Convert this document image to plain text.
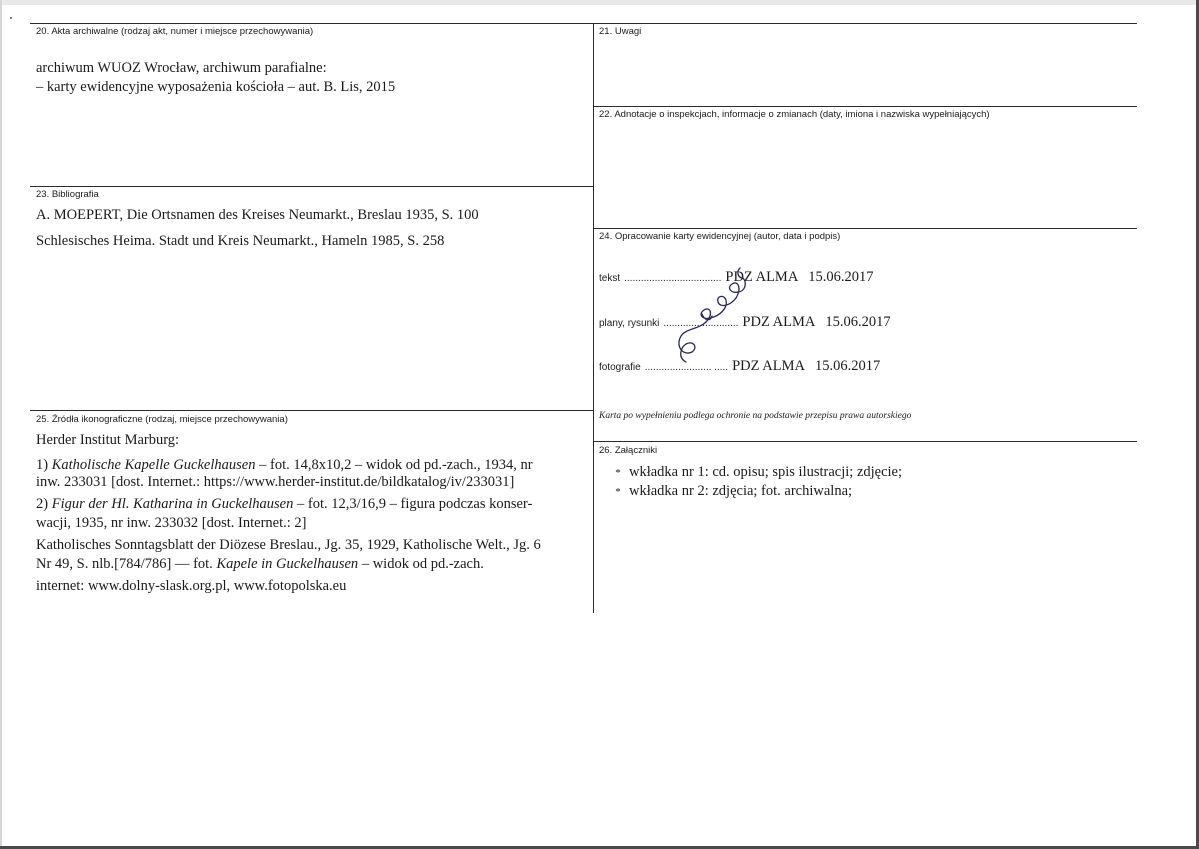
20. Akta archiwalne (rodzaj akt, numer i miejsce przechowywania)
archiwum WUOZ Wrocław, archiwum parafialne:
– karty ewidencyjne wyposażenia kościoła – aut. B. Lis, 2015
21. Uwagi
22. Adnotacje o inspekcjach, informacje o zmianach (daty, imiona i nazwiska wypełniających)
23. Bibliografia
A. MOEPERT, Die Ortsnamen des Kreises Neumarkt., Breslau 1935, S. 100
Schlesisches Heima. Stadt und Kreis Neumarkt., Hameln 1985, S. 258	24. Opracowanie karty ewidencyjnej (autor, data i podpis)
tekst ................................... PDZ ALMA 15.06.2017
plany, rysunki ........................... PDZ ALMA 15.06.2017
fotografie ........................ ..... PDZ ALMA 15.06.2017
Karta po wypełnieniu podlega ochronie na podstawie przepisu prawa autorskiego
25. Źródła ikonograficzne (rodzaj, miejsce przechowywania)
Herder Institut Marburg:
1) Katholische Kapelle Guckelhausen – fot. 14,8x10,2 – widok od pd.-zach., 1934, nr
inw. 233031 [dost. Internet.: https://www.herder-institut.de/bildkatalog/iv/233031]
2) Figur der Hl. Katharina in Guckelhausen – fot. 12,3/16,9 – figura podczas konser-
wacji, 1935, nr inw. 233032 [dost. Internet.: 2]
Katholisches Sonntagsblatt der Diözese Breslau., Jg. 35, 1929, Katholische Welt., Jg. 6
Nr 49, S. nlb.[784/786] — fot. Kapele in Guckelhausen – widok od pd.-zach.
internet: www.dolny-slask.org.pl, www.fotopolska.eu
26. Załączniki
* wkładka nr 1: cd. opisu; spis ilustracji; zdjęcie;
* wkładka nr 2: zdjęcia; fot. archiwalna;
